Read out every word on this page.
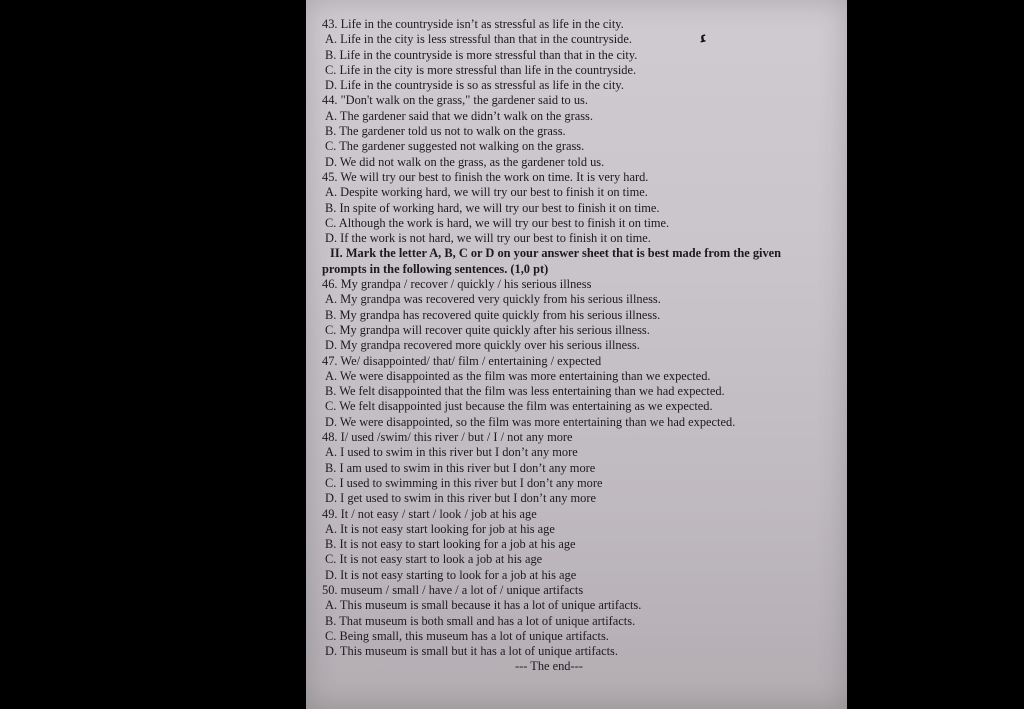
ɾ
43. Life in the countryside isn’t as stressful as life in the city.
A. Life in the city is less stressful than that in the countryside.
B. Life in the countryside is more stressful than that in the city.
C. Life in the city is more stressful than life in the countryside.
D. Life in the countryside is so as stressful as life in the city.
44. "Don't walk on the grass," the gardener said to us.
A. The gardener said that we didn’t walk on the grass.
B. The gardener told us not to walk on the grass.
C. The gardener suggested not walking on the grass.
D. We did not walk on the grass, as the gardener told us.
45. We will try our best to finish the work on time. It is very hard.
A. Despite working hard, we will try our best to finish it on time.
B. In spite of working hard, we will try our best to finish it on time.
C. Although the work is hard, we will try our best to finish it on time.
D. If the work is not hard, we will try our best to finish it on time.
II. Mark the letter A, B, C or D on your answer sheet that is best made from the given
prompts in the following sentences. (1,0 pt)
46. My grandpa / recover / quickly / his serious illness
A. My grandpa was recovered very quickly from his serious illness.
B. My grandpa has recovered quite quickly from his serious illness.
C. My grandpa will recover quite quickly after his serious illness.
D. My grandpa recovered more quickly over his serious illness.
47. We/ disappointed/ that/ film / entertaining / expected
A. We were disappointed as the film was more entertaining than we expected.
B. We felt disappointed that the film was less entertaining than we had expected.
C. We felt disappointed just because the film was entertaining as we expected.
D. We were disappointed, so the film was more entertaining than we had expected.
48. I/ used /swim/ this river / but / I / not any more
A. I used to swim in this river but I don’t any more
B. I am used to swim in this river but I don’t any more
C. I used to swimming in this river but I don’t any more
D. I get used to swim in this river but I don’t any more
49. It / not easy / start / look / job at his age
A. It is not easy start looking for job at his age
B. It is not easy to start looking for a job at his age
C. It is not easy start to look a job at his age
D. It is not easy starting to look for a job at his age
50. museum / small / have / a lot of / unique artifacts
A. This museum is small because it has a lot of unique artifacts.
B. That museum is both small and has a lot of unique artifacts.
C. Being small, this museum has a lot of unique artifacts.
D. This museum is small but it has a lot of unique artifacts.
--- The end---
